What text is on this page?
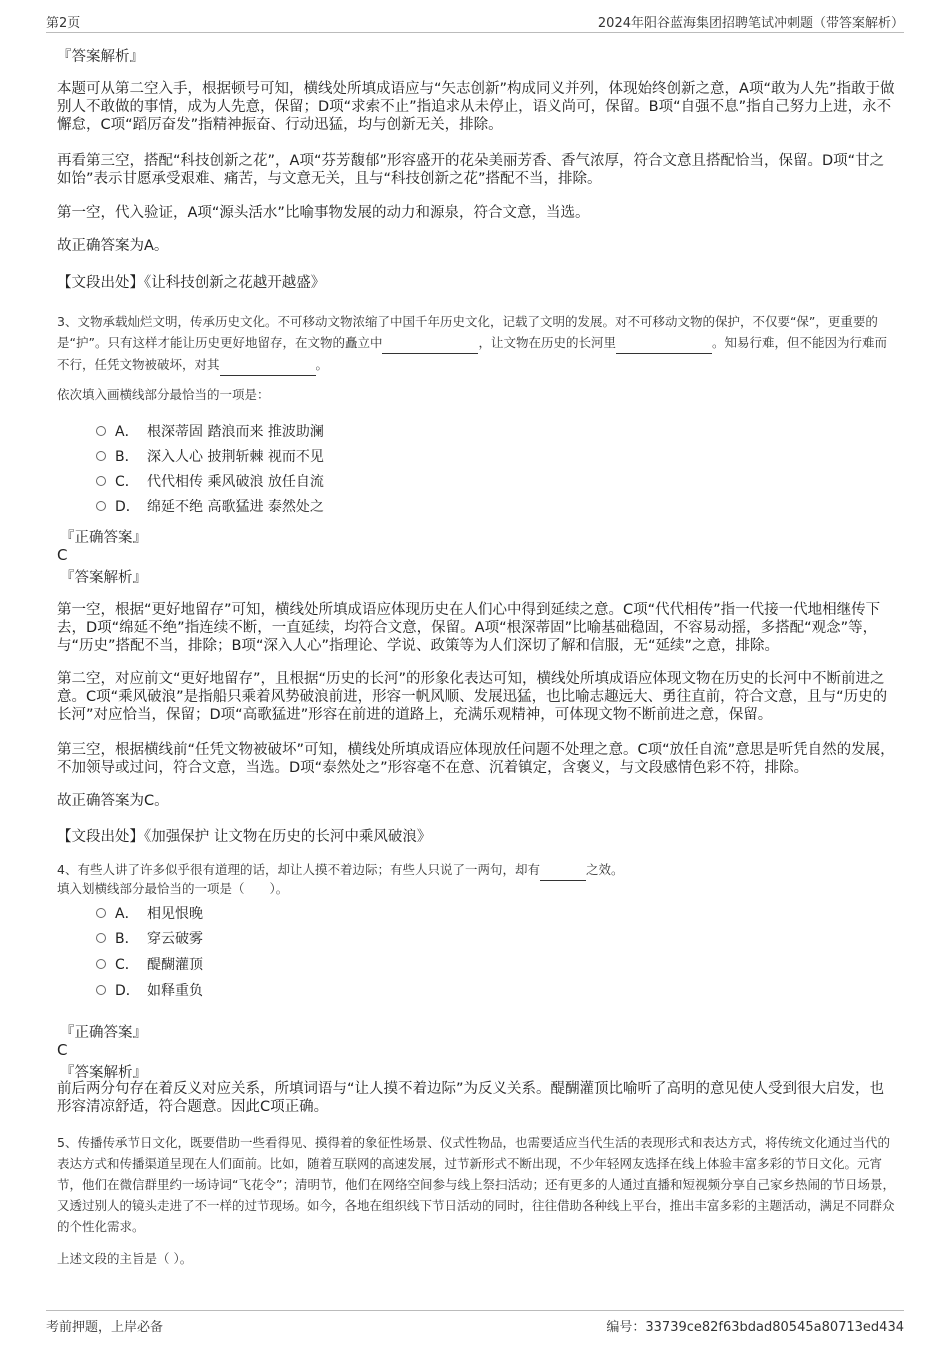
第2页	2024年阳谷蓝海集团招聘笔试冲刺题（带答案解析）
『答案解析』

本题可从第二空入手，根据顿号可知，横线处所填成语应与“矢志创新”构成同义并列，体现始终创新之意，A项“敢为人先”指敢于做别人不敢做的事情，成为人先意，保留；D项“求索不止”指追求从未停止，语义尚可，保留。B项“自强不息”指自己努力上进，永不懈怠，C项“蹈厉奋发”指精神振奋、行动迅猛，均与创新无关，排除。

再看第三空，搭配“科技创新之花”，A项“芬芳馥郁”形容盛开的花朵美丽芳香、香气浓厚，符合文意且搭配恰当，保留。D项“甘之如饴”表示甘愿承受艰难、痛苦，与文意无关，且与“科技创新之花”搭配不当，排除。

第一空，代入验证，A项“源头活水”比喻事物发展的动力和源泉，符合文意，当选。

故正确答案为A。

【文段出处】《让科技创新之花越开越盛》

3、文物承载灿烂文明，传承历史文化。不可移动文物浓缩了中国千年历史文化，记载了文明的发展。对不可移动文物的保护，不仅要“保”，更重要的是“护”。只有这样才能让历史更好地留存，在文物的矗立中	，让文物在历史的长河里	。知易行难，但不能因为行难而不行，任凭文物被破坏，对其	。

依次填入画横线部分最恰当的一项是：

A． 根深蒂固 踏浪而来 推波助澜
B． 深入人心 披荆斩棘 视而不见
C． 代代相传 乘风破浪 放任自流
D． 绵延不绝 高歌猛进 泰然处之
『正确答案』
C
『答案解析』

第一空，根据“更好地留存”可知，横线处所填成语应体现历史在人们心中得到延续之意。C项“代代相传”指一代接一代地相继传下去，D项“绵延不绝”指连续不断，一直延续，均符合文意，保留。A项“根深蒂固”比喻基础稳固，不容易动摇，多搭配“观念”等，与“历史”搭配不当，排除；B项“深入人心”指理论、学说、政策等为人们深切了解和信服，无“延续”之意，排除。

第二空，对应前文“更好地留存”，且根据“历史的长河”的形象化表达可知，横线处所填成语应体现文物在历史的长河中不断前进之意。C项“乘风破浪”是指船只乘着风势破浪前进，形容一帆风顺、发展迅猛，也比喻志趣远大、勇往直前，符合文意，且与“历史的长河”对应恰当，保留；D项“高歌猛进”形容在前进的道路上，充满乐观精神，可体现文物不断前进之意，保留。

第三空，根据横线前“任凭文物被破坏”可知，横线处所填成语应体现放任问题不处理之意。C项“放任自流”意思是听凭自然的发展，不加领导或过问，符合文意，当选。D项“泰然处之”形容毫不在意、沉着镇定，含褒义，与文段感情色彩不符，排除。

故正确答案为C。

【文段出处】《加强保护 让文物在历史的长河中乘风破浪》

4、有些人讲了许多似乎很有道理的话，却让人摸不着边际；有些人只说了一两句，却有	之效。

填入划横线部分最恰当的一项是（　　）。

A． 相见恨晚
B． 穿云破雾
C． 醍醐灌顶
D． 如释重负
『正确答案』
C
『答案解析』

前后两分句存在着反义对应关系，所填词语与“让人摸不着边际”为反义关系。醍醐灌顶比喻听了高明的意见使人受到很大启发，也形容清凉舒适，符合题意。因此C项正确。

5、传播传承节日文化，既要借助一些看得见、摸得着的象征性场景、仪式性物品，也需要适应当代生活的表现形式和表达方式，将传统文化通过当代的表达方式和传播渠道呈现在人们面前。比如，随着互联网的高速发展，过节新形式不断出现，不少年轻网友选择在线上体验丰富多彩的节日文化。元宵节，他们在微信群里约一场诗词“飞花令”；清明节，他们在网络空间参与线上祭扫活动；还有更多的人通过直播和短视频分享自己家乡热闹的节日场景，又透过别人的镜头走进了不一样的过节现场。如今，各地在组织线下节日活动的同时，往往借助各种线上平台，推出丰富多彩的主题活动，满足不同群众的个性化需求。

上述文段的主旨是（ ）。

考前押题，上岸必备	编号：33739ce82f63bdad80545a80713ed434
